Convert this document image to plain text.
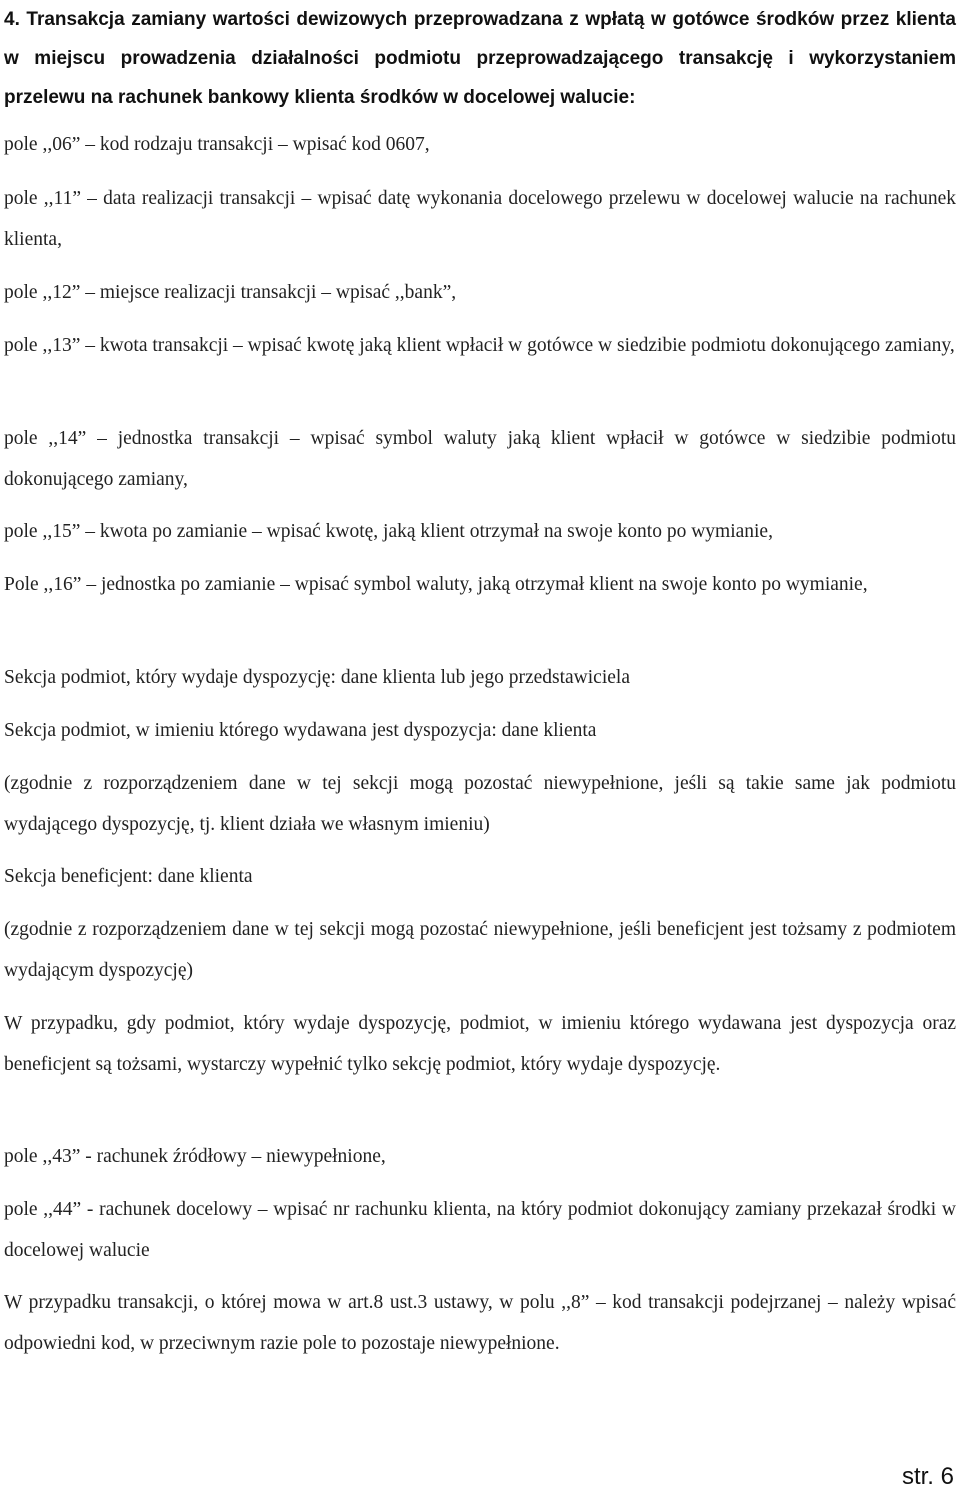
4. Transakcja zamiany wartości dewizowych przeprowadzana z wpłatą w gotówce środków przez klienta w miejscu prowadzenia działalności podmiotu przeprowadzającego transakcję i wykorzystaniem przelewu na rachunek bankowy klienta środków w docelowej walucie:
pole ,,06” – kod rodzaju transakcji – wpisać kod 0607,
pole ,,11” – data realizacji transakcji – wpisać datę wykonania docelowego przelewu w docelowej walucie na rachunek klienta,
pole ,,12” – miejsce realizacji transakcji – wpisać ,,bank”,
pole ,,13” – kwota transakcji – wpisać kwotę jaką klient wpłacił w gotówce w siedzibie podmiotu dokonującego zamiany,
pole ,,14” – jednostka transakcji – wpisać symbol waluty jaką klient wpłacił w gotówce w siedzibie podmiotu dokonującego zamiany,
pole ,,15” – kwota po zamianie – wpisać kwotę, jaką klient otrzymał na swoje konto po wymianie,
Pole ,,16” – jednostka po zamianie – wpisać symbol waluty, jaką otrzymał klient na swoje konto po wymianie,
Sekcja podmiot, który wydaje dyspozycję: dane klienta lub jego przedstawiciela
Sekcja podmiot, w imieniu którego wydawana jest dyspozycja: dane klienta
(zgodnie z rozporządzeniem dane w tej sekcji mogą pozostać niewypełnione, jeśli są takie same jak podmiotu wydającego dyspozycję, tj. klient działa we własnym imieniu)
Sekcja beneficjent: dane klienta
(zgodnie z rozporządzeniem dane w tej sekcji mogą pozostać niewypełnione, jeśli beneficjent jest tożsamy z podmiotem wydającym dyspozycję)
W przypadku, gdy podmiot, który wydaje dyspozycję, podmiot, w imieniu którego wydawana jest dyspozycja oraz beneficjent są tożsami, wystarczy wypełnić tylko sekcję podmiot, który wydaje dyspozycję.
pole ,,43” - rachunek źródłowy – niewypełnione,
pole ,,44” - rachunek docelowy – wpisać nr rachunku klienta, na który podmiot dokonujący zamiany przekazał środki w docelowej walucie
W przypadku transakcji, o której mowa w art.8 ust.3 ustawy, w polu ,,8” – kod transakcji podejrzanej – należy wpisać odpowiedni kod, w przeciwnym razie pole to pozostaje niewypełnione.
str. 6
